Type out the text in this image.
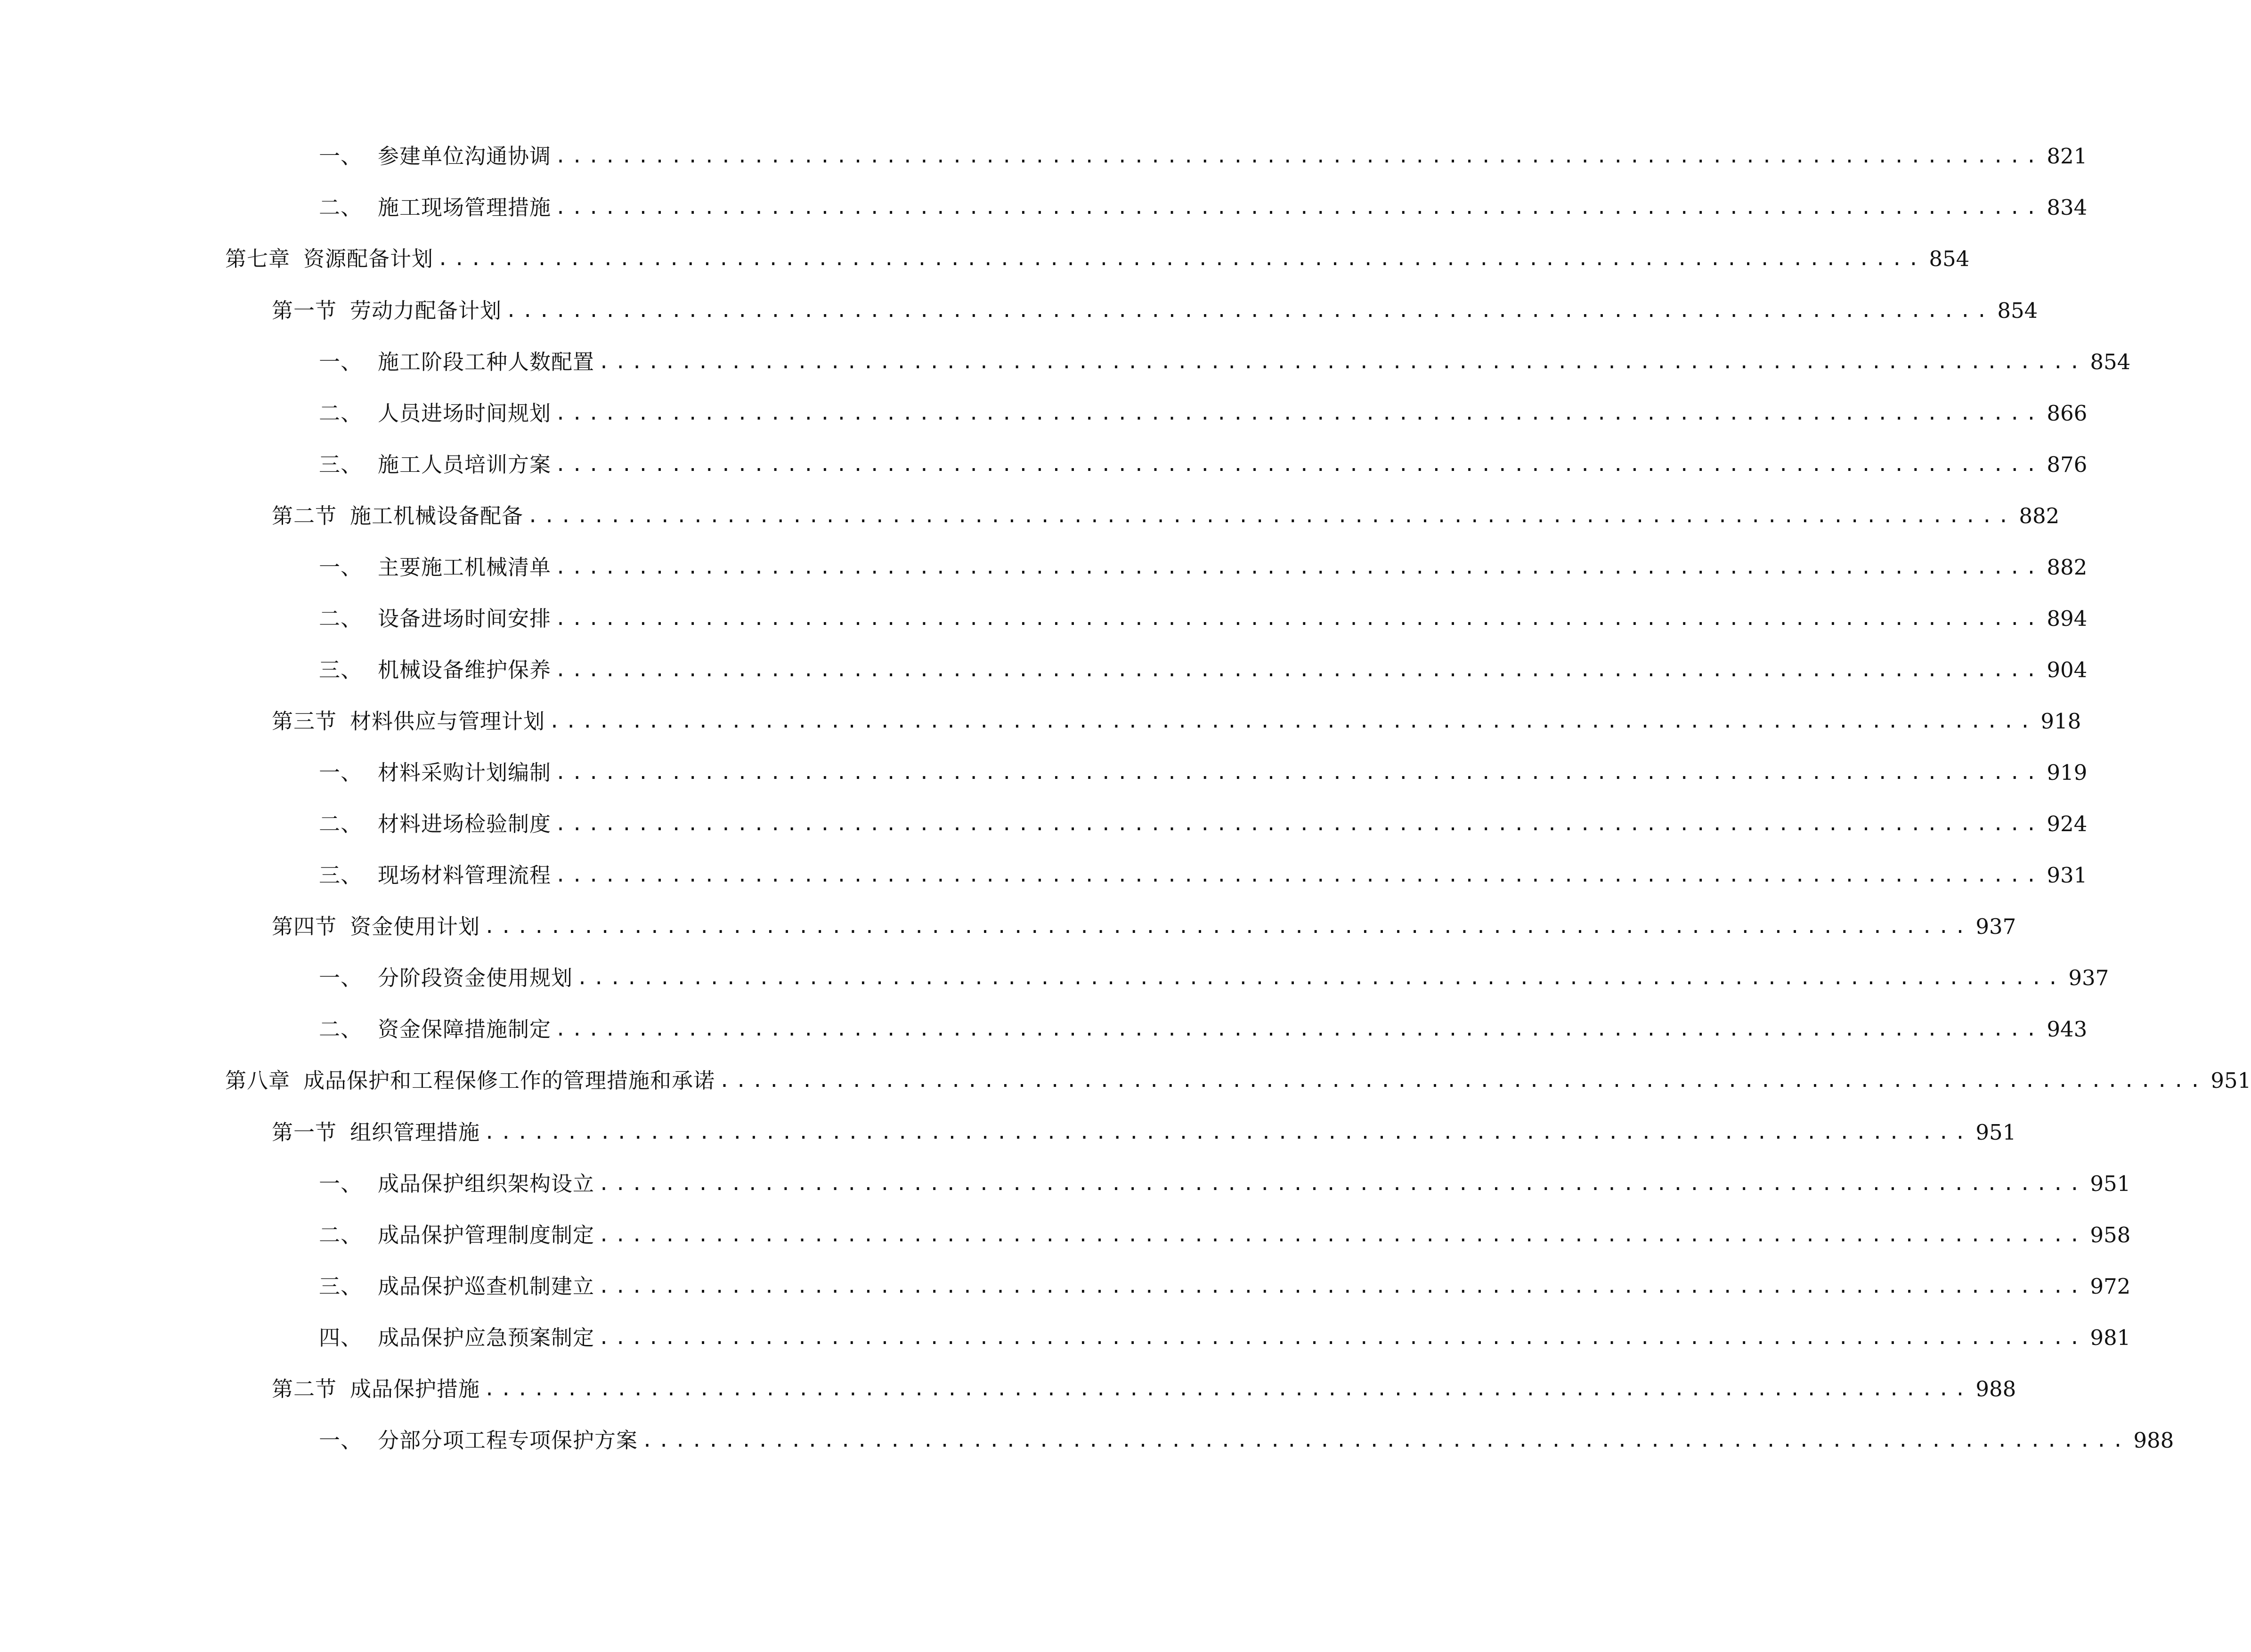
一、 参建单位沟通协调 .......................................................................................... 821
二、 施工现场管理措施 .......................................................................................... 834
第七章 资源配备计划 .......................................................................................... 854
第一节 劳动力配备计划 .......................................................................................... 854
一、 施工阶段工种人数配置 .......................................................................................... 854
二、 人员进场时间规划 .......................................................................................... 866
三、 施工人员培训方案 .......................................................................................... 876
第二节 施工机械设备配备 .......................................................................................... 882
一、 主要施工机械清单 .......................................................................................... 882
二、 设备进场时间安排 .......................................................................................... 894
三、 机械设备维护保养 .......................................................................................... 904
第三节 材料供应与管理计划 .......................................................................................... 918
一、 材料采购计划编制 .......................................................................................... 919
二、 材料进场检验制度 .......................................................................................... 924
三、 现场材料管理流程 .......................................................................................... 931
第四节 资金使用计划 .......................................................................................... 937
一、 分阶段资金使用规划 .......................................................................................... 937
二、 资金保障措施制定 .......................................................................................... 943
第八章 成品保护和工程保修工作的管理措施和承诺 .......................................................................................... 951
第一节 组织管理措施 .......................................................................................... 951
一、 成品保护组织架构设立 .......................................................................................... 951
二、 成品保护管理制度制定 .......................................................................................... 958
三、 成品保护巡查机制建立 .......................................................................................... 972
四、 成品保护应急预案制定 .......................................................................................... 981
第二节 成品保护措施 .......................................................................................... 988
一、 分部分项工程专项保护方案 .......................................................................................... 988
